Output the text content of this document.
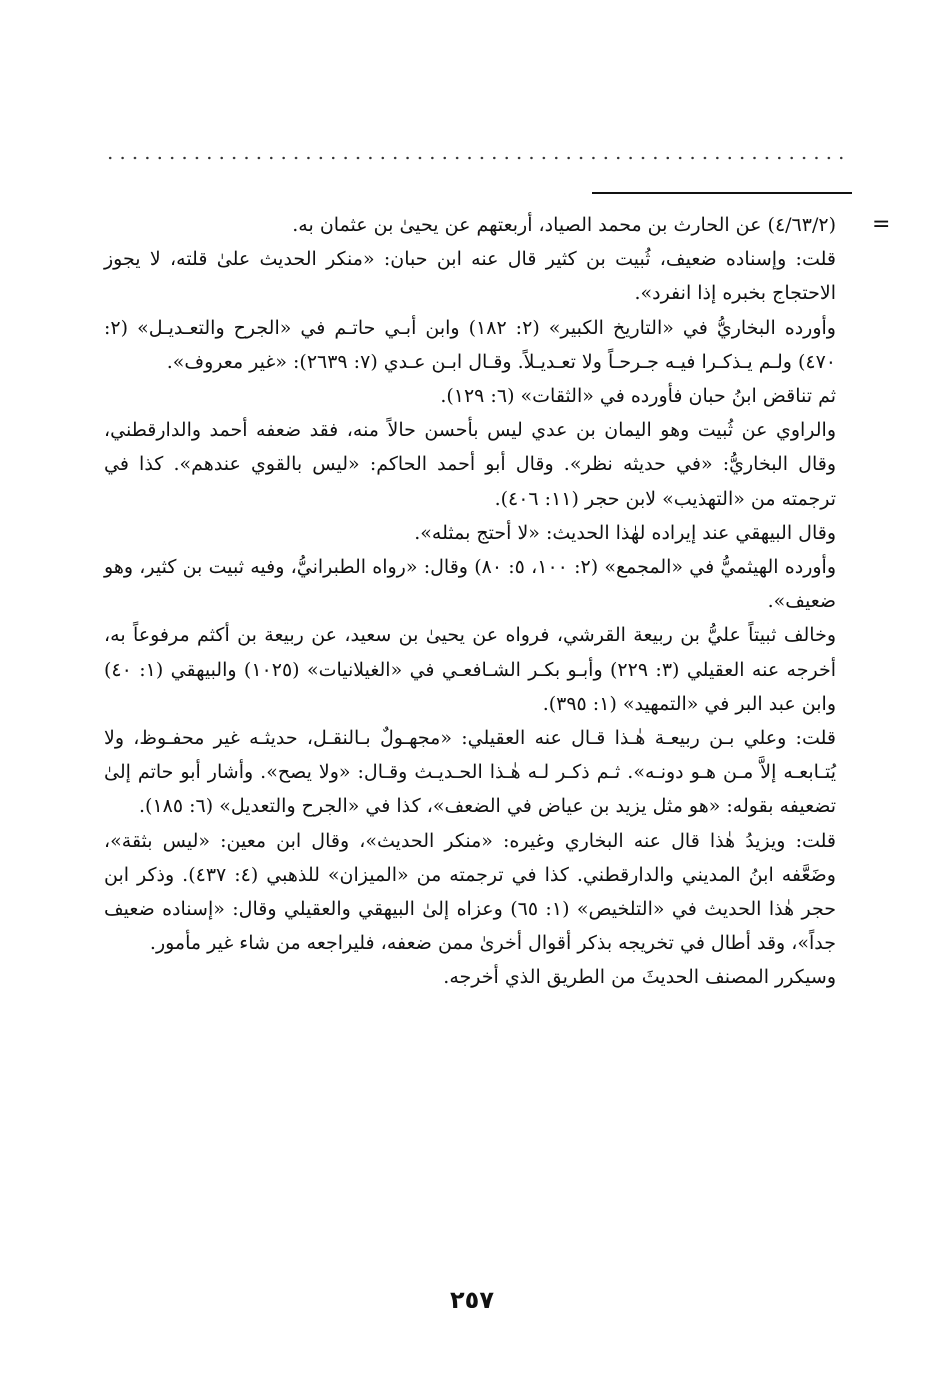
=

(٤/٦٣/٢) عن الحارث بن محمد الصياد، أربعتهم عن يحيىٰ بن عثمان به.

قلت: وإسناده ضعيف، ثُبيت بن كثير قال عنه ابن حبان: «منكر الحديث علىٰ قلته، لا يجوز الاحتجاج بخبره إذا انفرد».

وأورده البخاريُّ في «التاريخ الكبير» (٢: ١٨٢) وابن أبـي حاتـم في «الجرح والتعـديـل» (٢: ٤٧٠) ولـم يـذكـرا فيـه جـرحـاً ولا تعـديـلاً. وقـال ابـن عـدي (٧: ٢٦٣٩): «غير معروف».

ثم تناقض ابنُ حبان فأورده في «الثقات» (٦: ١٢٩).

والراوي عن ثُبيت وهو اليمان بن عدي ليس بأحسن حالاً منه، فقد ضعفه أحمد والدارقطني، وقال البخاريُّ: «في حديثه نظر». وقال أبو أحمد الحاكم: «ليس بالقوي عندهم». كذا في ترجمته من «التهذيب» لابن حجر (١١: ٤٠٦).

وقال البيهقي عند إيراده لهٰذا الحديث: «لا أحتج بمثله».

وأورده الهيثميُّ في «المجمع» (٢: ١٠٠، ٥: ٨٠) وقال: «رواه الطبرانيُّ، وفيه ثبيت بن كثير، وهو ضعيف».

وخالف ثبيتاً عليُّ بن ربيعة القرشي، فرواه عن يحيىٰ بن سعيد، عن ربيعة بن أكثم مرفوعاً به، أخرجه عنه العقيلي (٣: ٢٢٩) وأبـو بكـر الشـافعـي في «الغيلانيات» (١٠٢٥) والبيهقي (١: ٤٠) وابن عبد البر في «التمهيد» (١: ٣٩٥).

قلت: وعلي بـن ربيعـة هٰـذا قـال عنه العقيلي: «مجهـولٌ بـالنقـل، حديثـه غير محفـوظ، ولا يُتـابعـه إلاَّ مـن هـو دونـه». ثـم ذكـر لـه هٰـذا الحـديـث وقـال: «ولا يصح». وأشار أبو حاتم إلىٰ تضعيفه بقوله: «هو مثل يزيد بن عياض في الضعف»، كذا في «الجرح والتعديل» (٦: ١٨٥).

قلت: ويزيدُ هٰذا قال عنه البخاري وغيره: «منكر الحديث»، وقال ابن معين: «ليس بثقة»، وضَعَّفه ابنُ المديني والدارقطني. كذا في ترجمته من «الميزان» للذهبي (٤: ٤٣٧). وذكر ابن حجر هٰذا الحديث في «التلخيص» (١: ٦٥) وعزاه إلىٰ البيهقي والعقيلي وقال: «إسناده ضعيف جداً»، وقد أطال في تخريجه بذكر أقوال أخرىٰ ممن ضعفه، فليراجعه من شاء غير مأمور.

وسيكرر المصنف الحديثَ من الطريق الذي أخرجه.

٢٥٧
